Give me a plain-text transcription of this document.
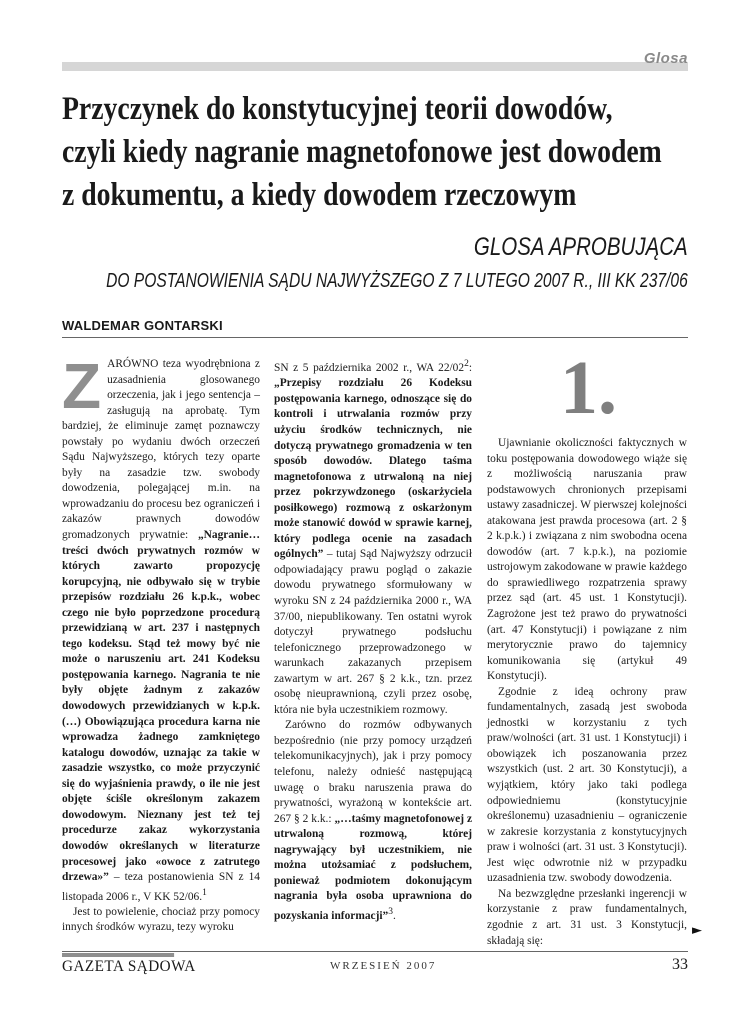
Glosa
Przyczynek do konstytucyjnej teorii dowodów,
czyli kiedy nagranie magnetofonowe jest dowodem
z dokumentu, a kiedy dowodem rzeczowym
GLOSA APROBUJĄCA
DO POSTANOWIENIA SĄDU NAJWYŻSZEGO Z 7 LUTEGO 2007 R., III KK 237/06
WALDEMAR GONTARSKI

ZARÓWNO teza wyodrębniona z uzasadnienia glosowanego orzeczenia, jak i jego sentencja – zasługują na aprobatę. Tym bardziej, że eliminuje zamęt poznawczy powstały po wydaniu dwóch orzeczeń Sądu Najwyższego, których tezy oparte były na zasadzie tzw. swobody dowodzenia, polegającej m.in. na wprowadzaniu do procesu bez ograniczeń i zakazów prawnych dowodów gromadzonych prywatnie: „Nagranie… treści dwóch prywatnych rozmów w których zawarto propozycję korupcyjną, nie odbywało się w trybie przepisów rozdziału 26 k.p.k., wobec czego nie było poprzedzone procedurą przewidzianą w art. 237 i następnych tego kodeksu. Stąd też mowy być nie może o naruszeniu art. 241 Kodeksu postępowania karnego. Nagrania te nie były objęte żadnym z zakazów dowodowych przewidzianych w k.p.k. (…) Obowiązująca procedura karna nie wprowadza żadnego zamkniętego katalogu dowodów, uznając za takie w zasadzie wszystko, co może przyczynić się do wyjaśnienia prawdy, o ile nie jest objęte ściśle określonym zakazem dowodowym. Nieznany jest też tej procedurze zakaz wykorzystania dowodów określanych w literaturze procesowej jako «owoce z zatrutego drzewa»” – teza postanowienia SN z 14 listopada 2006 r., V KK 52/06.$^1$

Jest to powielenie, chociaż przy pomocy innych środków wyrazu, tezy wyroku

SN z 5 października 2002 r., WA $22/02^2$: „Przepisy rozdziału 26 Kodeksu postępowania karnego, odnoszące się do kontroli i utrwalania rozmów przy użyciu środków technicznych, nie dotyczą prywatnego gromadzenia w ten sposób dowodów. Dlatego taśma magnetofonowa z utrwaloną na niej przez pokrzywdzonego (oskarżyciela posiłkowego) rozmową z oskarżonym może stanowić dowód w sprawie karnej, który podlega ocenie na zasadach ogólnych” – tutaj Sąd Najwyższy odrzucił odpowiadający prawu pogląd o zakazie dowodu prywatnego sformułowany w wyroku SN z 24 października 2000 r., WA 37/00, niepublikowany. Ten ostatni wyrok dotyczył prywatnego podsłuchu telefonicznego przeprowadzonego w warunkach zakazanych przepisem zawartym w art. 267 § 2 k.k., tzn. przez osobę nieuprawnioną, czyli przez osobę, która nie była uczestnikiem rozmowy.

Zarówno do rozmów odbywanych bezpośrednio (nie przy pomocy urządzeń telekomunikacyjnych), jak i przy pomocy telefonu, należy odnieść następującą uwagę o braku naruszenia prawa do prywatności, wyrażoną w kontekście art. 267 § 2 k.k.: „…taśmy magnetofonowej z utrwaloną rozmową, której nagrywający był uczestnikiem, nie można utożsamiać z podsłuchem, ponieważ podmiotem dokonującym nagrania była osoba uprawniona do pozyskania informacji”$^3$.

1.

Ujawnianie okoliczności faktycznych w toku postępowania dowodowego wiąże się z możliwością naruszania praw podstawowych chronionych przepisami ustawy zasadniczej. W pierwszej kolejności atakowana jest prawda procesowa (art. 2 § 2 k.p.k.) i związana z nim swobodna ocena dowodów (art. 7 k.p.k.), na poziomie ustrojowym zakodowane w prawie każdego do sprawiedliwego rozpatrzenia sprawy przez sąd (art. 45 ust. 1 Konstytucji). Zagrożone jest też prawo do prywatności (art. 47 Konstytucji) i powiązane z nim merytorycznie prawo do tajemnicy komunikowania się (artykuł 49 Konstytucji).

Zgodnie z ideą ochrony praw fundamentalnych, zasadą jest swoboda jednostki w korzystaniu z tych praw/wolności (art. 31 ust. 1 Konstytucji) i obowiązek ich poszanowania przez wszystkich (ust. 2 art. 30 Konstytucji), a wyjątkiem, który jako taki podlega odpowiedniemu (konstytucyjnie określonemu) uzasadnieniu – ograniczenie w zakresie korzystania z konstytucyjnych praw i wolności (art. 31 ust. 3 Konstytucji). Jest więc odwrotnie niż w przypadku uzasadnienia tzw. swobody dowodzenia.

Na bezwzględne przesłanki ingerencji w korzystanie z praw fundamentalnych, zgodnie z art. 31 ust. 3 Konstytucji, składają się:

►
GAZETA SĄDOWA	WRZESIEŃ 2007	33
